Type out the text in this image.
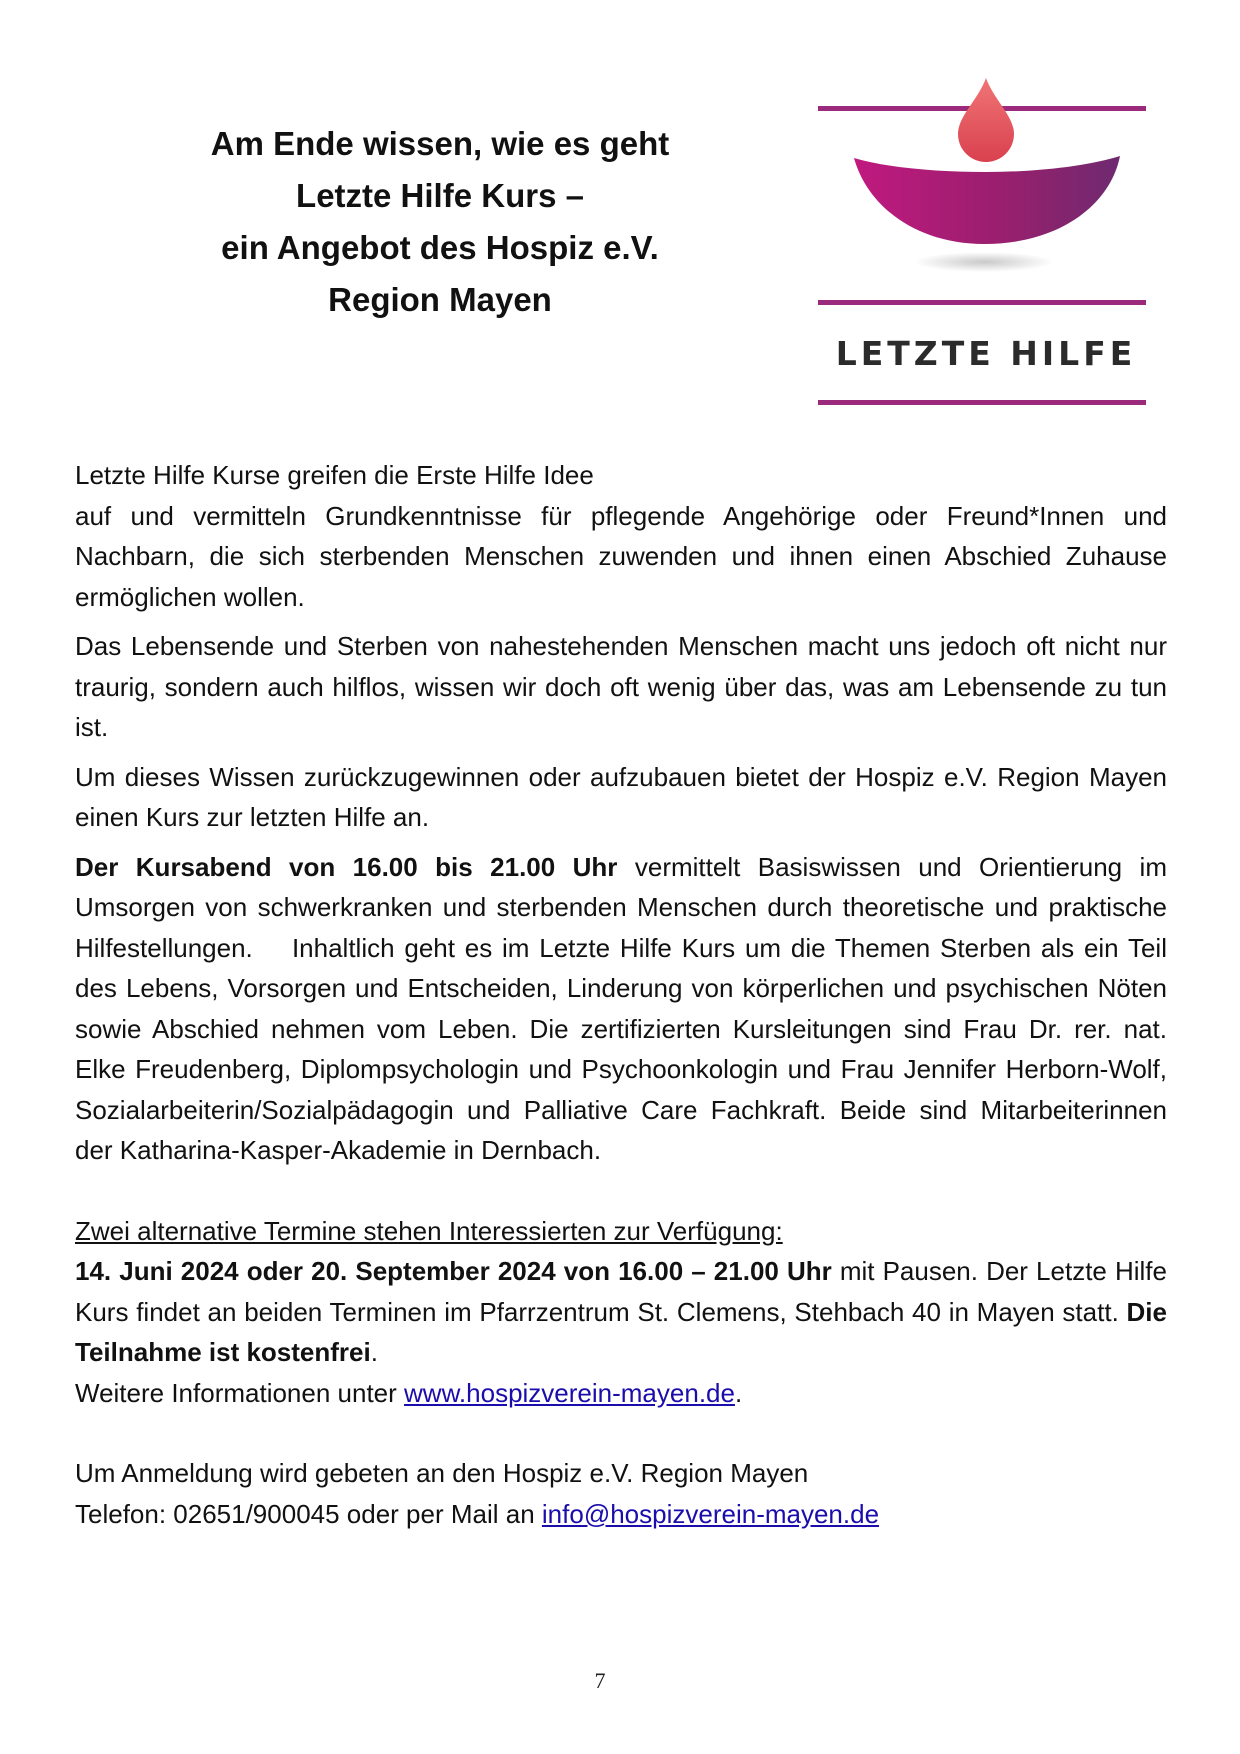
Am Ende wissen, wie es geht
Letzte Hilfe Kurs –
ein Angebot des Hospiz e.V.
Region Mayen
LETZTE HILFE

Letzte Hilfe Kurse greifen die Erste Hilfe Idee

auf und vermitteln Grundkenntnisse für pflegende Angehörige oder Freund*Innen und Nachbarn, die sich sterbenden Menschen zuwenden und ihnen einen Abschied Zuhause ermöglichen wollen.

Das Lebensende und Sterben von nahestehenden Menschen macht uns jedoch oft nicht nur traurig, sondern auch hilflos, wissen wir doch oft wenig über das, was am Lebensende zu tun ist.

Um dieses Wissen zurückzugewinnen oder aufzubauen bietet der Hospiz e.V. Region Mayen einen Kurs zur letzten Hilfe an.

Der Kursabend von 16.00 bis 21.00 Uhr vermittelt Basiswissen und Orientierung im Umsorgen von schwerkranken und sterbenden Menschen durch theoretische und praktische Hilfestellungen.    Inhaltlich geht es im Letzte Hilfe Kurs um die Themen Sterben als ein Teil des Lebens, Vorsorgen und Entscheiden, Linderung von körperlichen und psychischen Nöten sowie Abschied nehmen vom Leben. Die zertifizierten Kursleitungen sind Frau Dr. rer. nat. Elke Freudenberg, Diplompsychologin und Psychoonkologin und Frau Jennifer Herborn-Wolf, Sozialarbeiterin/Sozialpädagogin und Palliative Care Fachkraft. Beide sind Mitarbeiterinnen der Katharina-Kasper-Akademie in Dernbach.

Zwei alternative Termine stehen Interessierten zur Verfügung:

14. Juni 2024 oder 20. September 2024 von 16.00 – 21.00 Uhr mit Pausen. Der Letzte Hilfe Kurs findet an beiden Terminen im Pfarrzentrum St. Clemens, Stehbach 40 in Mayen statt. Die Teilnahme ist kostenfrei.

Weitere Informationen unter www.hospizverein-mayen.de.

Um Anmeldung wird gebeten an den Hospiz e.V. Region Mayen

Telefon: 02651/900045 oder per Mail an info@hospizverein-mayen.de

7
